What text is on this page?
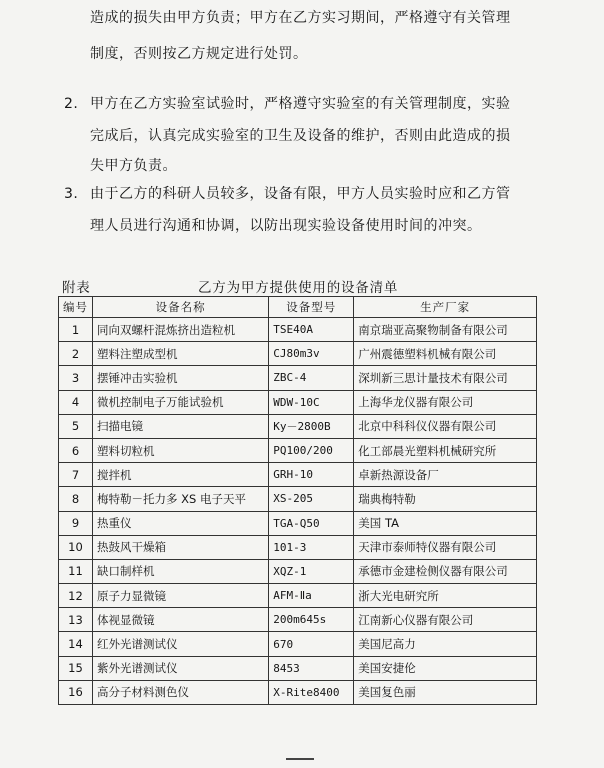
造成的损失由甲方负责；甲方在乙方实习期间，严格遵守有关管理
制度，否则按乙方规定进行处罚。
2. 甲方在乙方实验室试验时，严格遵守实验室的有关管理制度，实验
完成后，认真完成实验室的卫生及设备的维护，否则由此造成的损
失甲方负责。
3. 由于乙方的科研人员较多，设备有限，甲方人员实验时应和乙方管
理人员进行沟通和协调，以防出现实验设备使用时间的冲突。
附表	乙方为甲方提供使用的设备清单
编号	设备名称	设备型号	生产厂家
1	同向双螺杆混炼挤出造粒机	TSE40A	南京瑞亚高聚物制备有限公司
2	塑料注塑成型机	CJ80m3v	广州震德塑料机械有限公司
3	摆锤冲击实验机	ZBC-4	深圳新三思计量技术有限公司
4	微机控制电子万能试验机	WDW-10C	上海华龙仪器有限公司
5	扫描电镜	Ky－2800B	北京中科科仪仪器有限公司
6	塑料切粒机	PQ100/200	化工部晨光塑料机械研究所
7	搅拌机	GRH-10	卓新热源设备厂
8	梅特勒－托力多 XS 电子天平	XS-205	瑞典梅特勒
9	热重仪	TGA-Q50	美国 TA
10	热鼓风干燥箱	101-3	天津市泰师特仪器有限公司
11	缺口制样机	XQZ-1	承德市金建检侧仪器有限公司
12	原子力显微镜	AFM-Ⅱa	浙大光电研究所
13	体视显微镜	200m645s	江南新心仪器有限公司
14	红外光谱测试仪	670	美国尼高力
15	紫外光谱测试仪	8453	美国安捷伦
16	高分子材料测色仪	X-Rite8400	美国复色丽
